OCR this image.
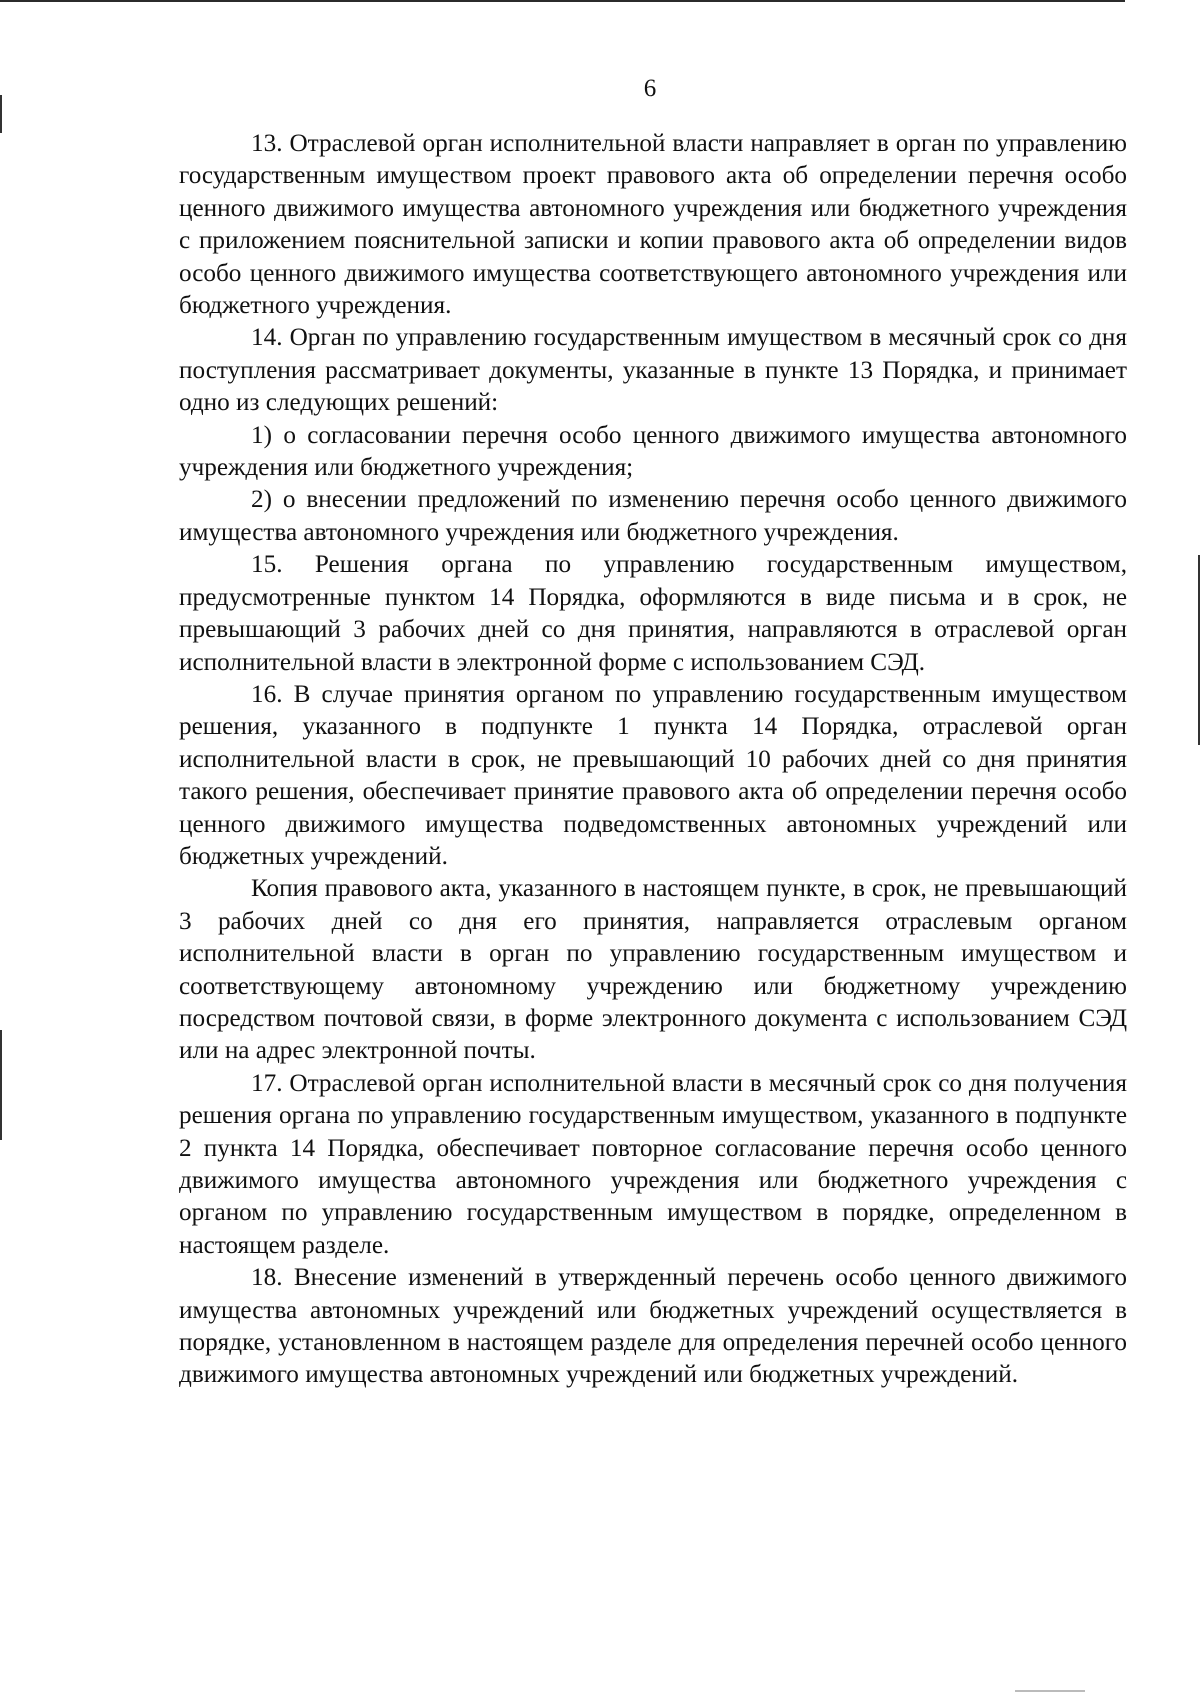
6

13. Отраслевой орган исполнительной власти направляет в орган по управлению государственным имуществом проект правового акта об определении перечня особо ценного движимого имущества автономного учреждения или бюджетного учреждения с приложением пояснительной записки и копии правового акта об определении видов особо ценного движимого имущества соответствующего автономного учреждения или бюджетного учреждения.

14. Орган по управлению государственным имуществом в месячный срок со дня поступления рассматривает документы, указанные в пункте 13 Порядка, и принимает одно из следующих решений:

1) о согласовании перечня особо ценного движимого имущества автономного учреждения или бюджетного учреждения;

2) о внесении предложений по изменению перечня особо ценного движимого имущества автономного учреждения или бюджетного учреждения.

15. Решения органа по управлению государственным имуществом, предусмотренные пунктом 14 Порядка, оформляются в виде письма и в срок, не превышающий 3 рабочих дней со дня принятия, направляются в отраслевой орган исполнительной власти в электронной форме с использованием СЭД.

16. В случае принятия органом по управлению государственным имуществом решения, указанного в подпункте 1 пункта 14 Порядка, отраслевой орган исполнительной власти в срок, не превышающий 10 рабочих дней со дня принятия такого решения, обеспечивает принятие правового акта об определении перечня особо ценного движимого имущества подведомственных автономных учреждений или бюджетных учреждений.

Копия правового акта, указанного в настоящем пункте, в срок, не превышающий 3 рабочих дней со дня его принятия, направляется отраслевым органом исполнительной власти в орган по управлению государственным имуществом и соответствующему автономному учреждению или бюджетному учреждению посредством почтовой связи, в форме электронного документа с использованием СЭД или на адрес электронной почты.

17. Отраслевой орган исполнительной власти в месячный срок со дня получения решения органа по управлению государственным имуществом, указанного в подпункте 2 пункта 14 Порядка, обеспечивает повторное согласование перечня особо ценного движимого имущества автономного учреждения или бюджетного учреждения с органом по управлению государственным имуществом в порядке, определенном в настоящем разделе.

18. Внесение изменений в утвержденный перечень особо ценного движимого имущества автономных учреждений или бюджетных учреждений осуществляется в порядке, установленном в настоящем разделе для определения перечней особо ценного движимого имущества автономных учреждений или бюджетных учреждений.
